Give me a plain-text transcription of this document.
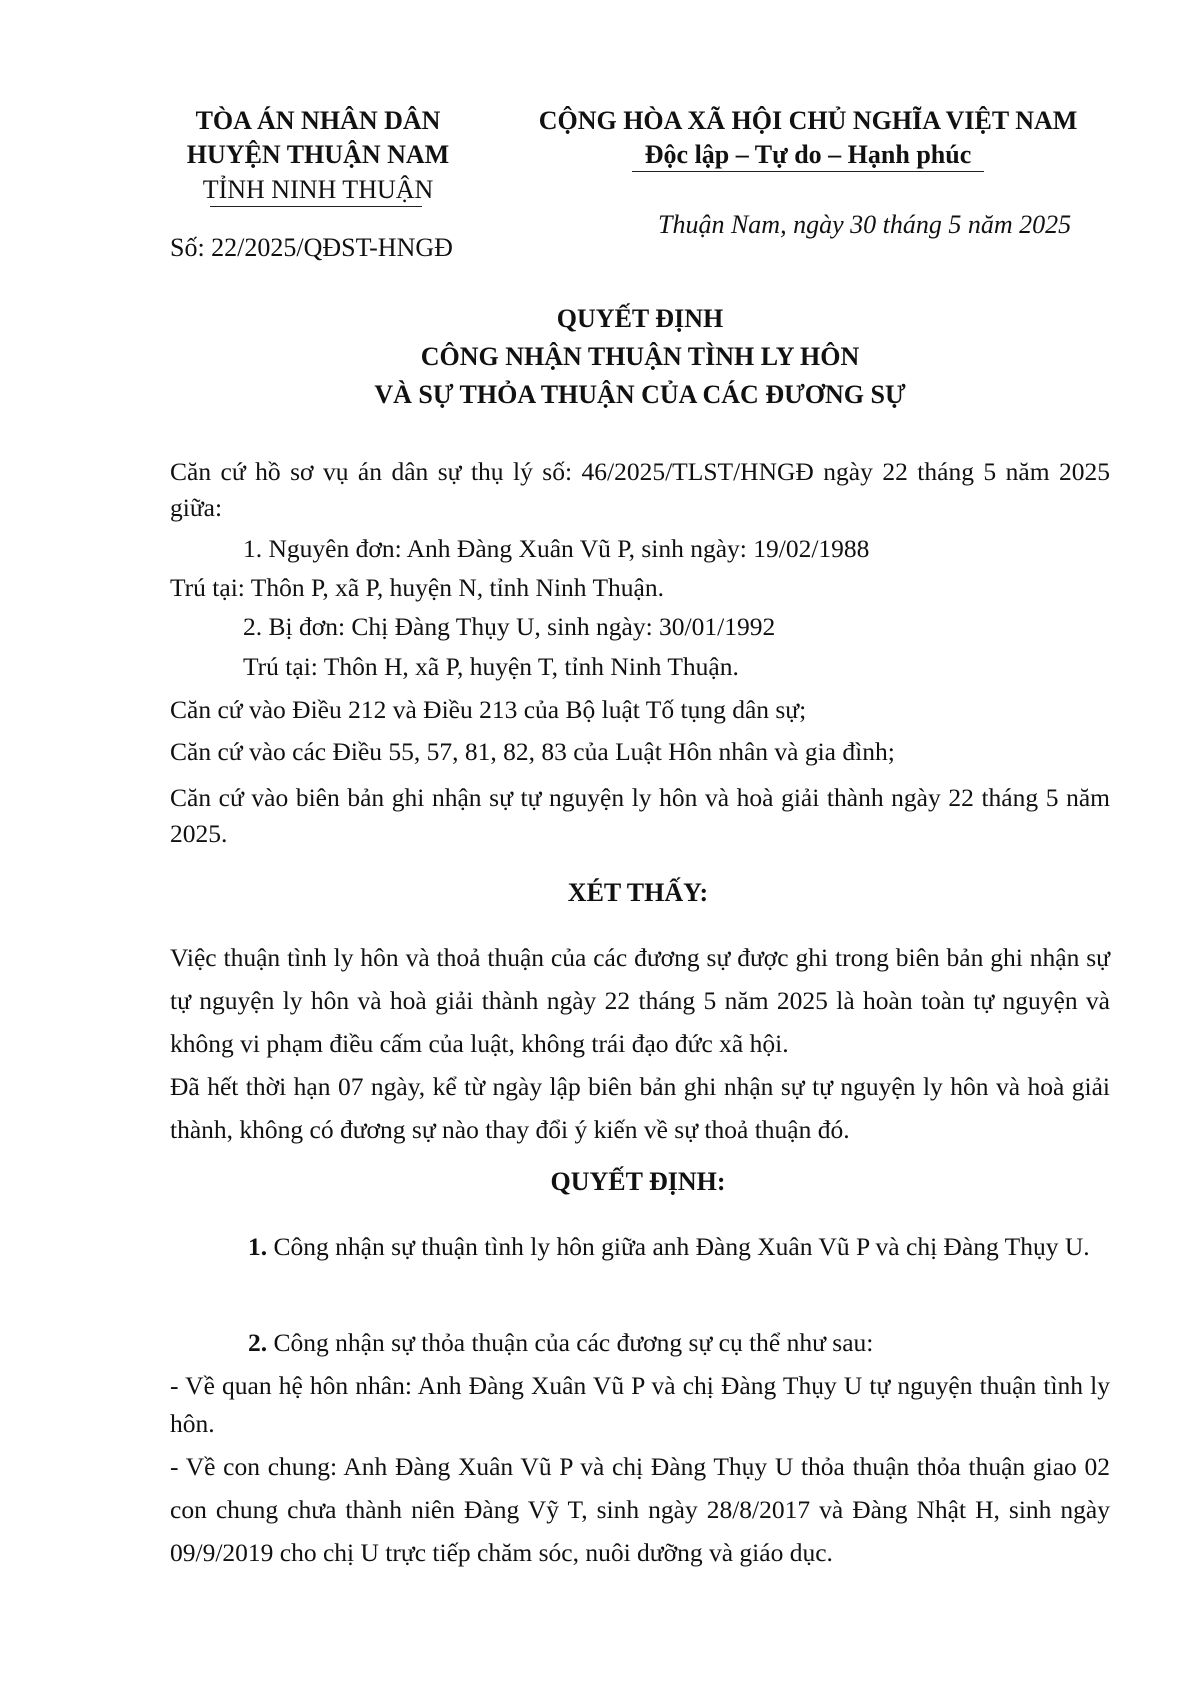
TÒA ÁN NHÂN DÂN
HUYỆN THUẬN NAM
TỈNH NINH THUẬN
Số: 22/2025/QĐST-HNGĐ
CỘNG HÒA XÃ HỘI CHỦ NGHĨA VIỆT NAM
Độc lập – Tự do – Hạnh phúc
Thuận Nam, ngày 30 tháng 5 năm 2025
QUYẾT ĐỊNH
CÔNG NHẬN THUẬN TÌNH LY HÔN
VÀ SỰ THỎA THUẬN CỦA CÁC ĐƯƠNG SỰ
Căn cứ hồ sơ vụ án dân sự thụ lý số: 46/2025/TLST/HNGĐ ngày 22 tháng 5 năm 2025 giữa:
1. Nguyên đơn: Anh Đàng Xuân Vũ P, sinh ngày: 19/02/1988
Trú tại: Thôn P, xã P, huyện N, tỉnh Ninh Thuận.
2. Bị đơn: Chị Đàng Thụy U, sinh ngày: 30/01/1992
Trú tại: Thôn H, xã P, huyện T, tỉnh Ninh Thuận.
Căn cứ vào Điều 212 và Điều 213 của Bộ luật Tố tụng dân sự;
Căn cứ vào các Điều 55, 57, 81, 82, 83 của Luật Hôn nhân và gia đình;
Căn cứ vào biên bản ghi nhận sự tự nguyện ly hôn và hoà giải thành ngày 22 tháng 5 năm 2025.
XÉT THẤY:
Việc thuận tình ly hôn và thoả thuận của các đương sự được ghi trong biên bản ghi nhận sự tự nguyện ly hôn và hoà giải thành ngày 22 tháng 5 năm 2025 là hoàn toàn tự nguyện và không vi phạm điều cấm của luật, không trái đạo đức xã hội.
Đã hết thời hạn 07 ngày, kể từ ngày lập biên bản ghi nhận sự tự nguyện ly hôn và hoà giải thành, không có đương sự nào thay đổi ý kiến về sự thoả thuận đó.
QUYẾT ĐỊNH:
1. Công nhận sự thuận tình ly hôn giữa anh Đàng Xuân Vũ P và chị Đàng Thụy U.
2. Công nhận sự thỏa thuận của các đương sự cụ thể như sau:
- Về quan hệ hôn nhân: Anh Đàng Xuân Vũ P và chị Đàng Thụy U tự nguyện thuận tình ly hôn.
- Về con chung: Anh Đàng Xuân Vũ P và chị Đàng Thụy U thỏa thuận thỏa thuận giao 02 con chung chưa thành niên Đàng Vỹ T, sinh ngày 28/8/2017 và Đàng Nhật H, sinh ngày 09/9/2019 cho chị U trực tiếp chăm sóc, nuôi dưỡng và giáo dục.
